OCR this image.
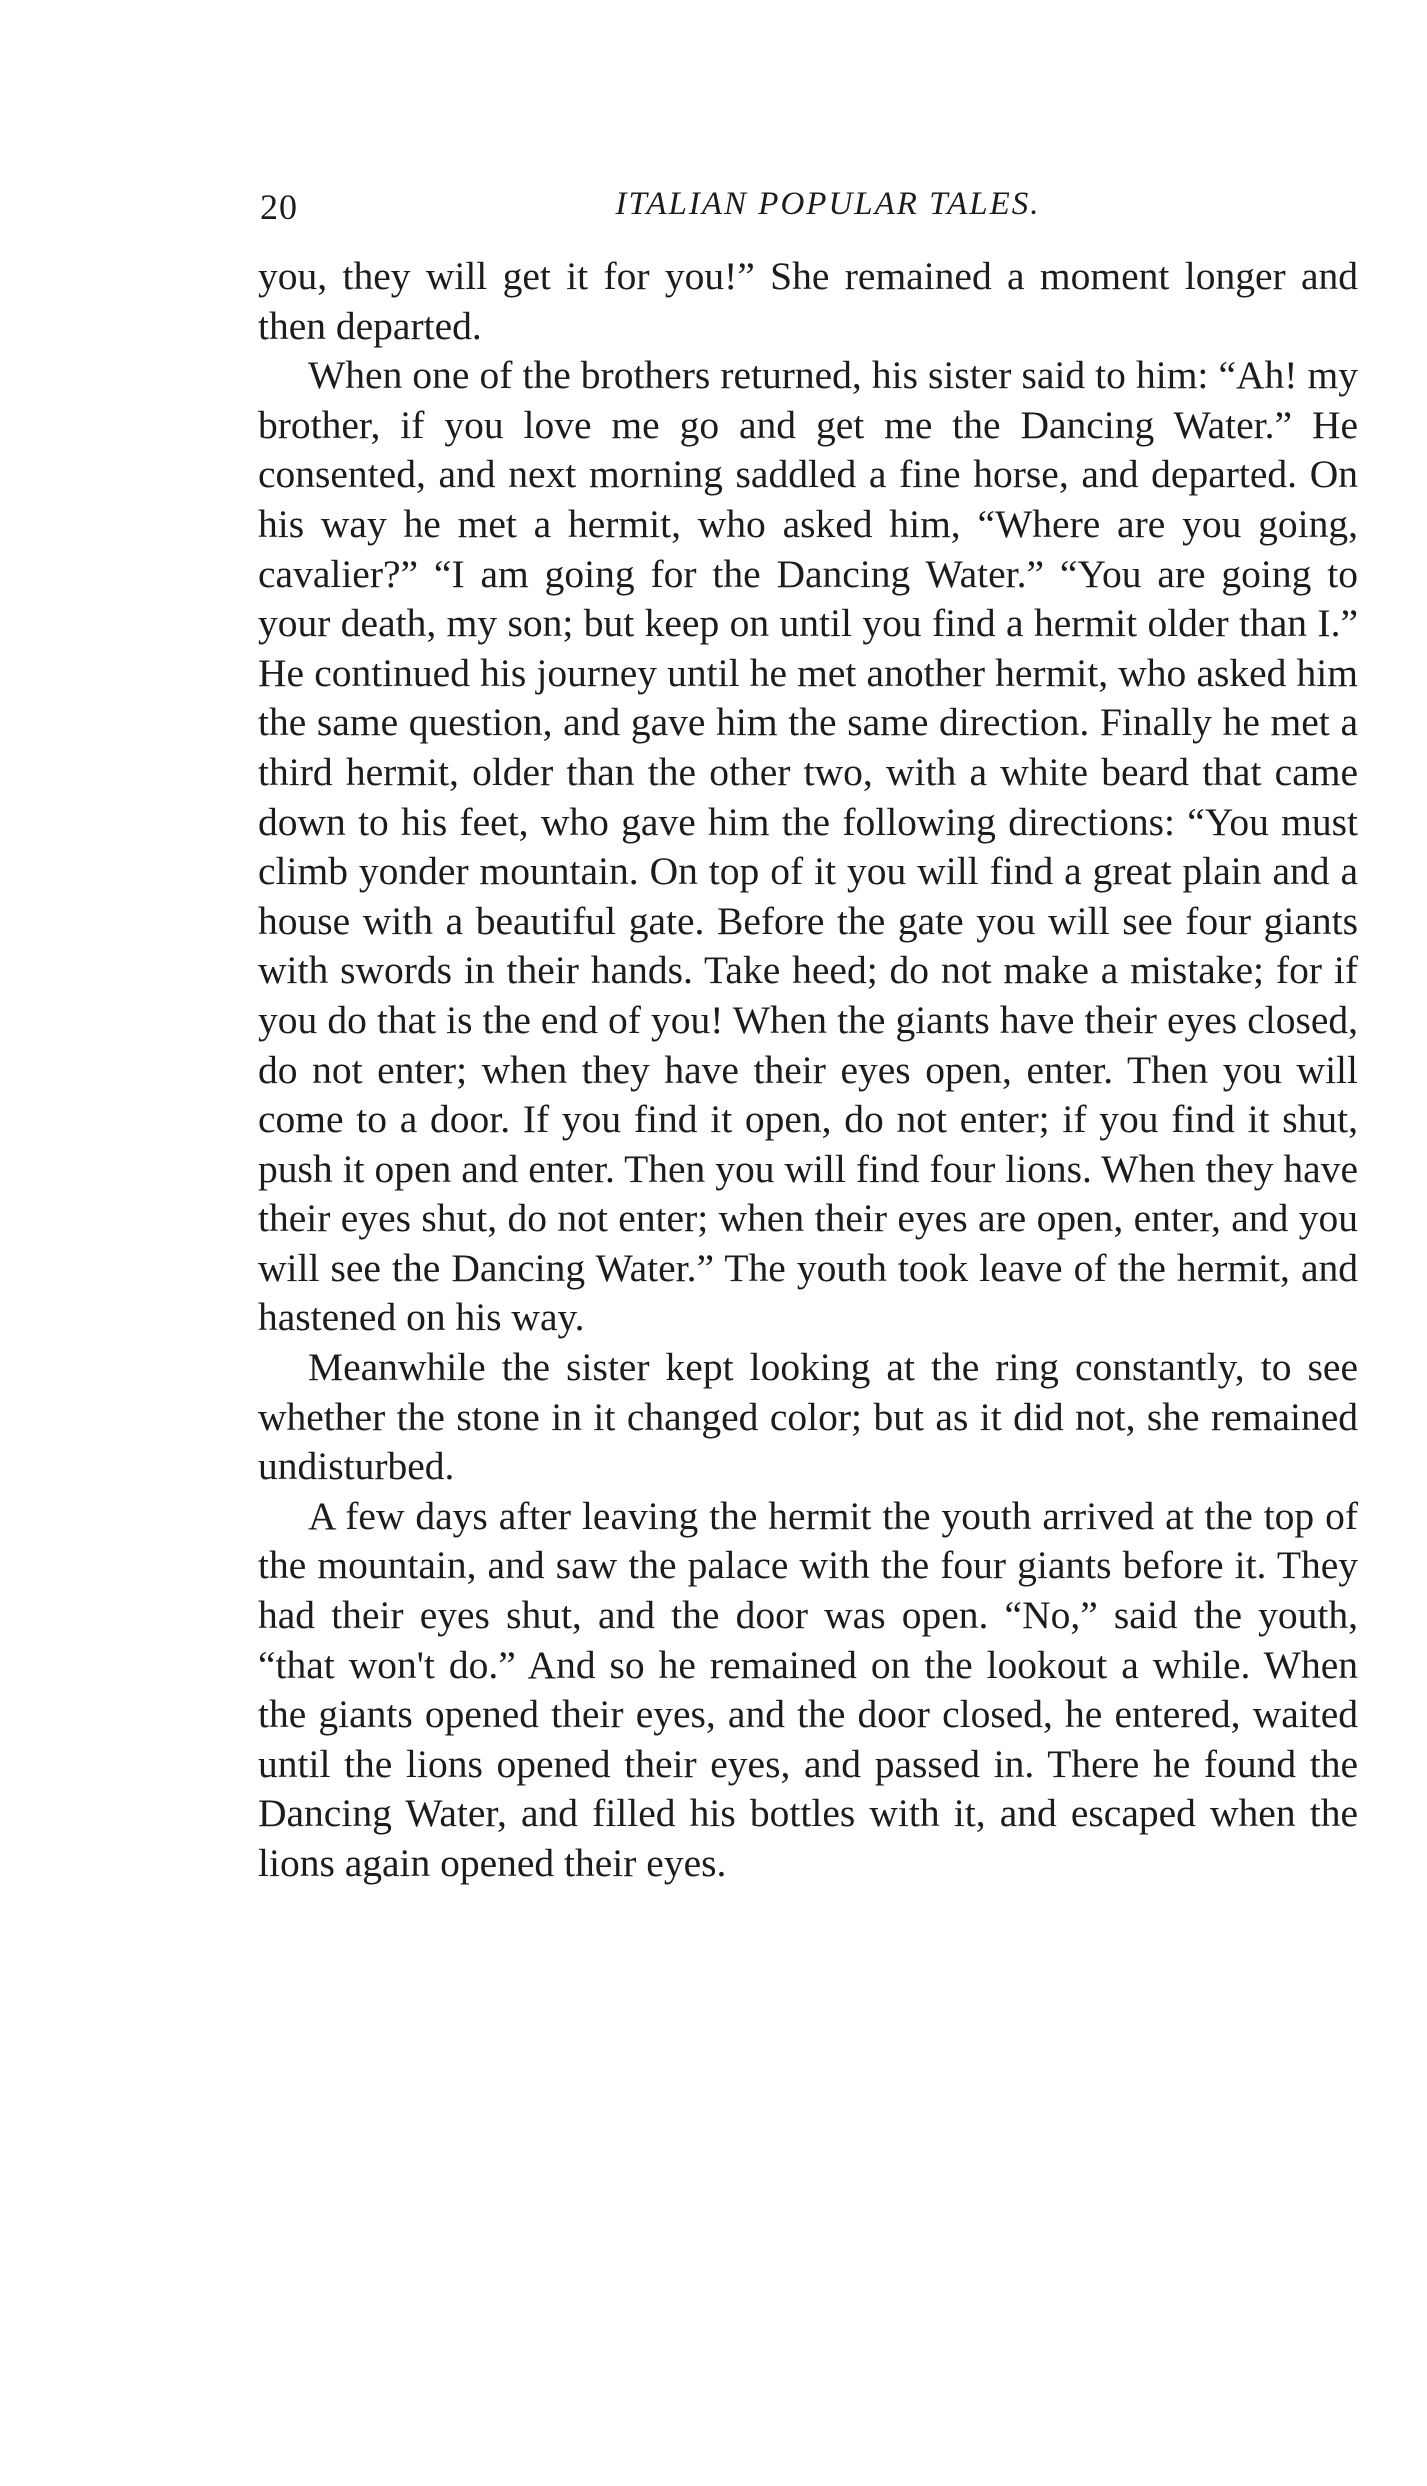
20	ITALIAN POPULAR TALES.

you, they will get it for you!” She remained a moment longer and then departed.

When one of the brothers returned, his sister said to him: “Ah! my brother, if you love me go and get me the Dancing Water.” He consented, and next morning saddled a fine horse, and departed. On his way he met a hermit, who asked him, “Where are you going, cavalier?” “I am going for the Dancing Water.” “You are going to your death, my son; but keep on until you find a hermit older than I.” He continued his journey until he met another hermit, who asked him the same question, and gave him the same direction. Finally he met a third hermit, older than the other two, with a white beard that came down to his feet, who gave him the following directions: “You must climb yonder mountain. On top of it you will find a great plain and a house with a beautiful gate. Before the gate you will see four giants with swords in their hands. Take heed; do not make a mistake; for if you do that is the end of you! When the giants have their eyes closed, do not enter; when they have their eyes open, enter. Then you will come to a door. If you find it open, do not enter; if you find it shut, push it open and enter. Then you will find four lions. When they have their eyes shut, do not enter; when their eyes are open, enter, and you will see the Dancing Water.” The youth took leave of the hermit, and hastened on his way.

Meanwhile the sister kept looking at the ring constantly, to see whether the stone in it changed color; but as it did not, she remained undisturbed.

A few days after leaving the hermit the youth arrived at the top of the mountain, and saw the palace with the four giants before it. They had their eyes shut, and the door was open. “No,” said the youth, “that won't do.” And so he remained on the lookout a while. When the giants opened their eyes, and the door closed, he entered, waited until the lions opened their eyes, and passed in. There he found the Dancing Water, and filled his bottles with it, and escaped when the lions again opened their eyes.
